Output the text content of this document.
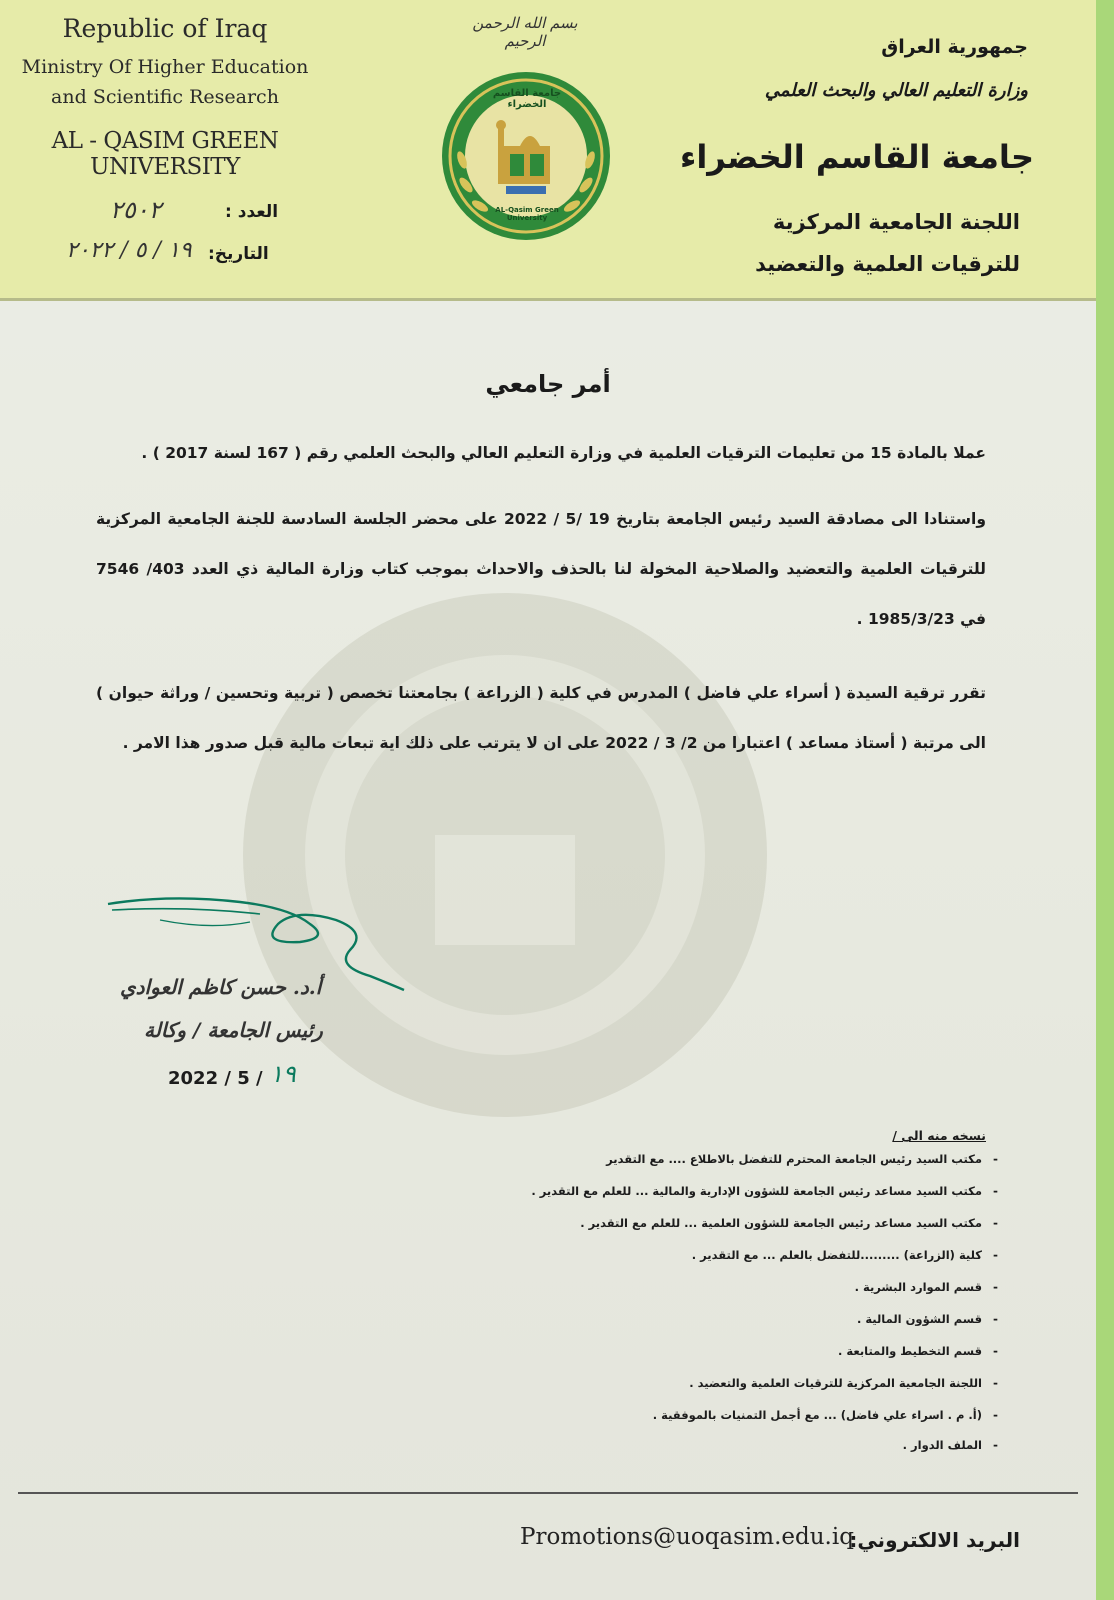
Republic of Iraq
Ministry Of Higher Education
and Scientific Research
AL - QASIM GREEN UNIVERSITY
العدد :
٢٥٠٢
التاريخ:
١٩ / ٥ / ٢٠٢٢
بسم الله الرحمن الرحيم
جامعة القاسم الخضراء
AL-Qasim Green University
جمهورية العراق
وزارة التعليم العالي والبحث العلمي
جامعة القاسم الخضراء
اللجنة الجامعية المركزية
للترقيات العلمية والتعضيد
أمر جامعي

عملا بالمادة 15 من تعليمات الترقيات العلمية في وزارة التعليم العالي والبحث العلمي رقم ( 167 لسنة 2017 ) .

واستنادا الى مصادقة السيد رئيس الجامعة بتاريخ 19 /5 / 2022 على محضر الجلسة السادسة للجنة الجامعية المركزية للترقيات العلمية والتعضيد والصلاحية المخولة لنا بالحذف والاحداث بموجب كتاب وزارة المالية ذي العدد 403/ 7546 في 1985/3/23 .

تقرر ترقية السيدة ( أسراء علي فاضل ) المدرس في كلية ( الزراعة ) بجامعتنا تخصص ( تربية وتحسين / وراثة حيوان ) الى مرتبة ( أستاذ مساعد ) اعتبارا من 2/ 3 / 2022 على ان لا يترتب على ذلك اية تبعات مالية قبل صدور هذا الامر .

أ.د. حسن كاظم العوادي
رئيس الجامعة / وكالة
2022 / 5 / ١٩
نسخه منه الى /
-
مكتب السيد رئيس الجامعة المحترم للتفضل بالاطلاع .... مع التقدير
-
مكتب السيد مساعد رئيس الجامعة للشؤون الإدارية والمالية ... للعلم مع التقدير .
-
مكتب السيد مساعد رئيس الجامعة للشؤون العلمية ... للعلم مع التقدير .
-
كلية (الزراعة) .........للتفضل بالعلم ... مع التقدير .
-
قسم الموارد البشرية .
-
قسم الشؤون المالية .
-
قسم التخطيط والمتابعة .
-
اللجنة الجامعية المركزية للترقيات العلمية والتعضيد .
-
(أ. م . اسراء علي فاضل) ... مع أجمل التمنيات بالموفقية .
-
الملف الدوار .
البريد الالكتروني:
Promotions@uoqasim.edu.iq
